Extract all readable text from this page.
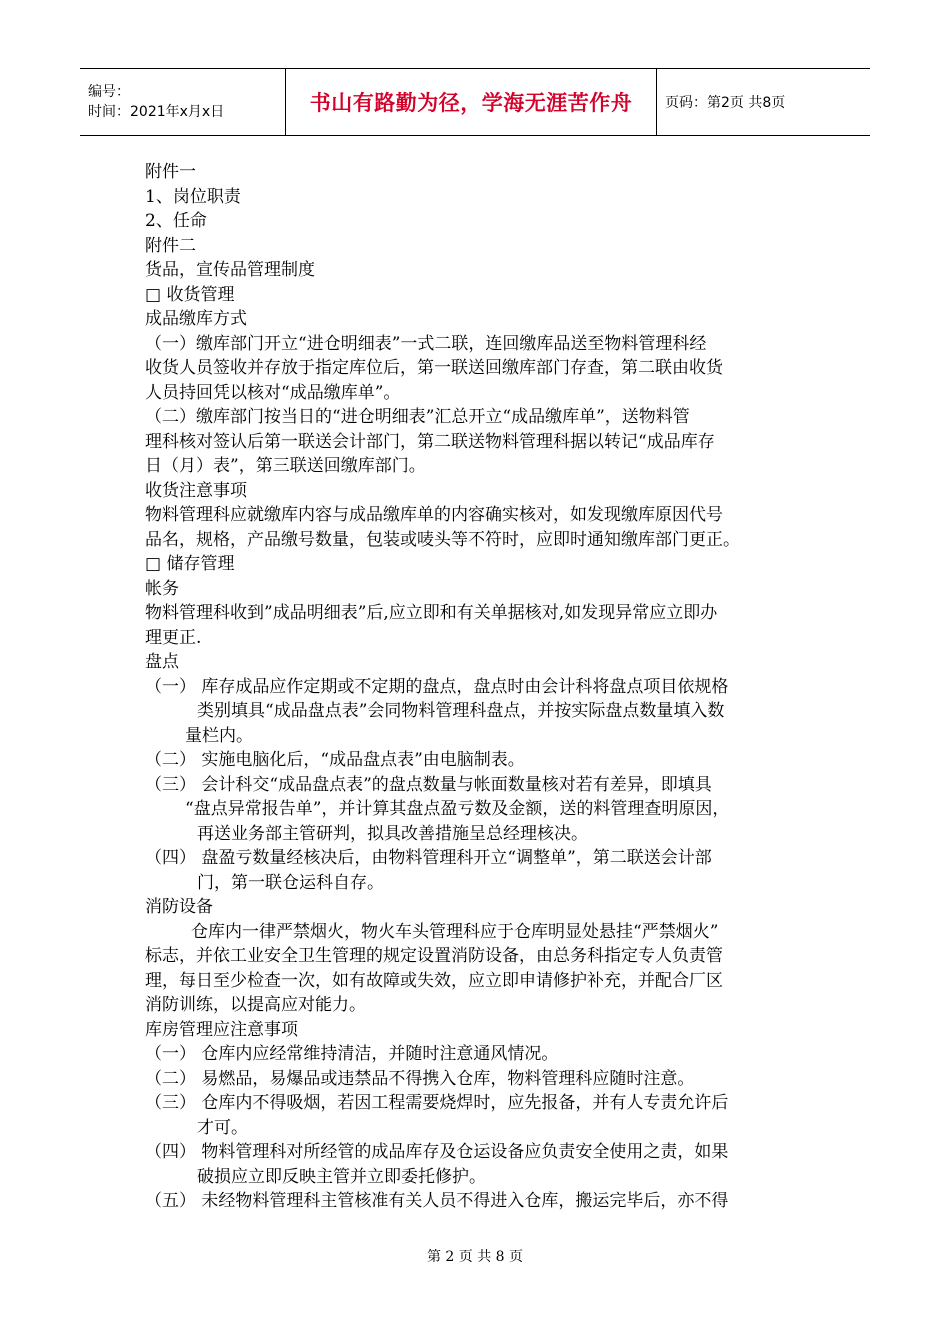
编号：
时间：2021年x月x日	书山有路勤为径，学海无涯苦作舟 页码：第2页 共8页
附件一
1、岗位职责
2、任命
附件二
货品，宣传品管理制度
□ 收货管理
成品缴库方式
（一）缴库部门开立“进仓明细表”一式二联，连回缴库品送至物料管理科经
收货人员签收并存放于指定库位后，第一联送回缴库部门存查，第二联由收货
人员持回凭以核对“成品缴库单”。
（二）缴库部门按当日的“进仓明细表”汇总开立“成品缴库单”，送物料管
理科核对签认后第一联送会计部门，第二联送物料管理科据以转记“成品库存
日（月）表”，第三联送回缴库部门。
收货注意事项
物料管理科应就缴库内容与成品缴库单的内容确实核对，如发现缴库原因代号
品名，规格，产品缴号数量，包装或唛头等不符时，应即时通知缴库部门更正。
□ 储存管理
帐务
物料管理科收到”成品明细表”后,应立即和有关单据核对,如发现异常应立即办
理更正.
盘点
（一） 库存成品应作定期或不定期的盘点，盘点时由会计科将盘点项目依规格
类别填具“成品盘点表”会同物料管理科盘点，并按实际盘点数量填入数
量栏内。
（二） 实施电脑化后，“成品盘点表”由电脑制表。
（三） 会计科交“成品盘点表”的盘点数量与帐面数量核对若有差异，即填具
“盘点异常报告单”，并计算其盘点盈亏数及金额，送的料管理查明原因，
再送业务部主管研判，拟具改善措施呈总经理核决。
（四） 盘盈亏数量经核决后，由物料管理科开立“调整单”，第二联送会计部
门，第一联仓运科自存。
消防设备
仓库内一律严禁烟火，物火车头管理科应于仓库明显处悬挂“严禁烟火”
标志，并依工业安全卫生管理的规定设置消防设备，由总务科指定专人负责管
理，每日至少检查一次，如有故障或失效，应立即申请修护补充，并配合厂区
消防训练，以提高应对能力。
库房管理应注意事项
（一） 仓库内应经常维持清洁，并随时注意通风情况。
（二） 易燃品，易爆品或违禁品不得携入仓库，物料管理科应随时注意。
（三） 仓库内不得吸烟，若因工程需要烧焊时，应先报备，并有人专责允许后
才可。
（四） 物料管理科对所经管的成品库存及仓运设备应负责安全使用之责，如果
破损应立即反映主管并立即委托修护。
（五） 未经物料管理科主管核准有关人员不得进入仓库，搬运完毕后，亦不得
第 2 页 共 8 页
